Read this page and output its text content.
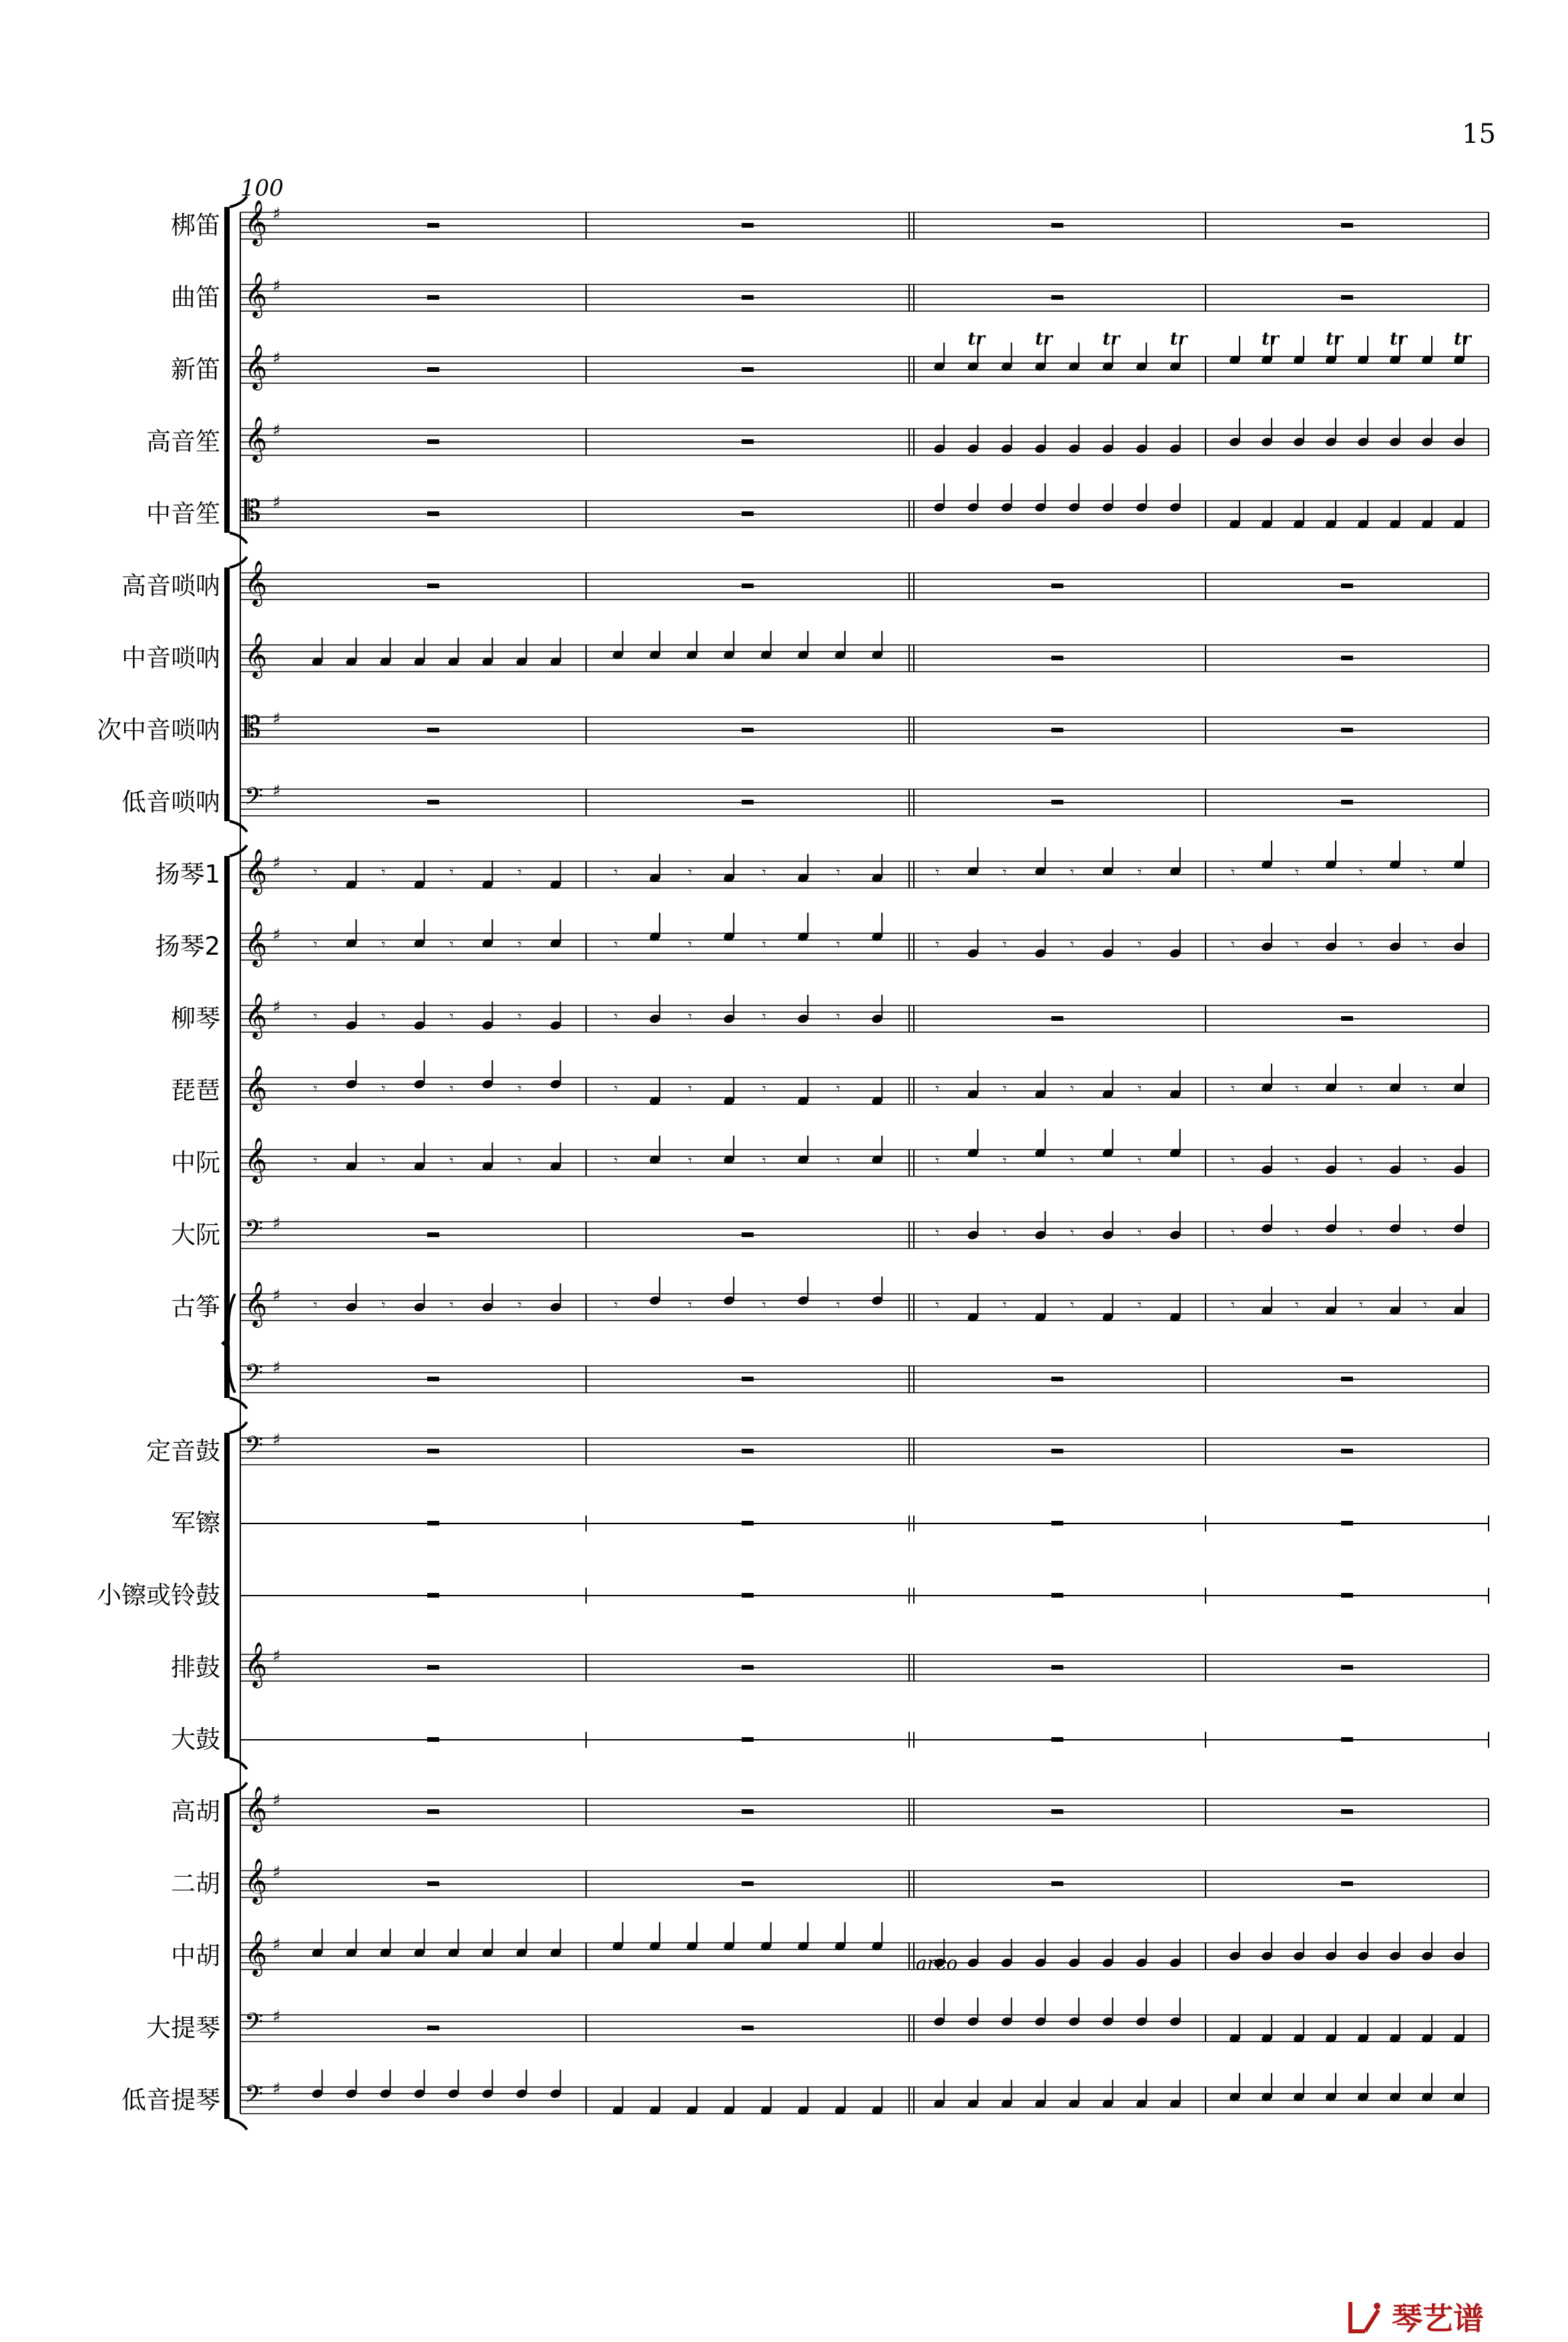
15
100
梆笛
曲笛
新笛
高音笙
中音笙
高音唢呐
中音唢呐
次中音唢呐
低音唢呐
扬琴1
扬琴2
柳琴
琵琶
中阮
大阮
古筝
定音鼓
军镲
小镲或铃鼓
排鼓
大鼓
高胡
二胡
中胡
大提琴
低音提琴
𝄞 ♯
𝄞 ♯
𝄞 ♯
tr	tr	tr	tr	tr	tr	tr	tr
𝄞 ♯
𝄡 ♯
𝄞
𝄞
𝄡 ♯
𝄢 ♯
𝄞 ♯ 𝄾	𝄾	𝄾	𝄾	𝄾	𝄾	𝄾	𝄾	𝄾	𝄾	𝄾	𝄾	𝄾	𝄾	𝄾	𝄾
𝄞 ♯ 𝄾	𝄾	𝄾	𝄾	𝄾	𝄾	𝄾	𝄾	𝄾	𝄾	𝄾	𝄾	𝄾	𝄾	𝄾	𝄾
𝄞 ♯ 𝄾	𝄾	𝄾	𝄾	𝄾	𝄾	𝄾	𝄾
𝄞	𝄾	𝄾	𝄾	𝄾	𝄾	𝄾	𝄾	𝄾	𝄾	𝄾	𝄾	𝄾	𝄾	𝄾	𝄾	𝄾
𝄞	𝄾	𝄾	𝄾	𝄾	𝄾	𝄾	𝄾	𝄾	𝄾	𝄾	𝄾	𝄾	𝄾	𝄾	𝄾	𝄾
𝄢 ♯	𝄾	𝄾	𝄾	𝄾	𝄾	𝄾	𝄾	𝄾
𝄞 ♯ 𝄾	𝄾	𝄾	𝄾	𝄾	𝄾	𝄾	𝄾	𝄾	𝄾	𝄾	𝄾	𝄾	𝄾	𝄾	𝄾
𝄢 ♯
𝄢 ♯
𝄞 ♯
𝄞 ♯
𝄞 ♯
𝄞 ♯
𝄢 ♯
𝄢 ♯
arco
琴艺谱
